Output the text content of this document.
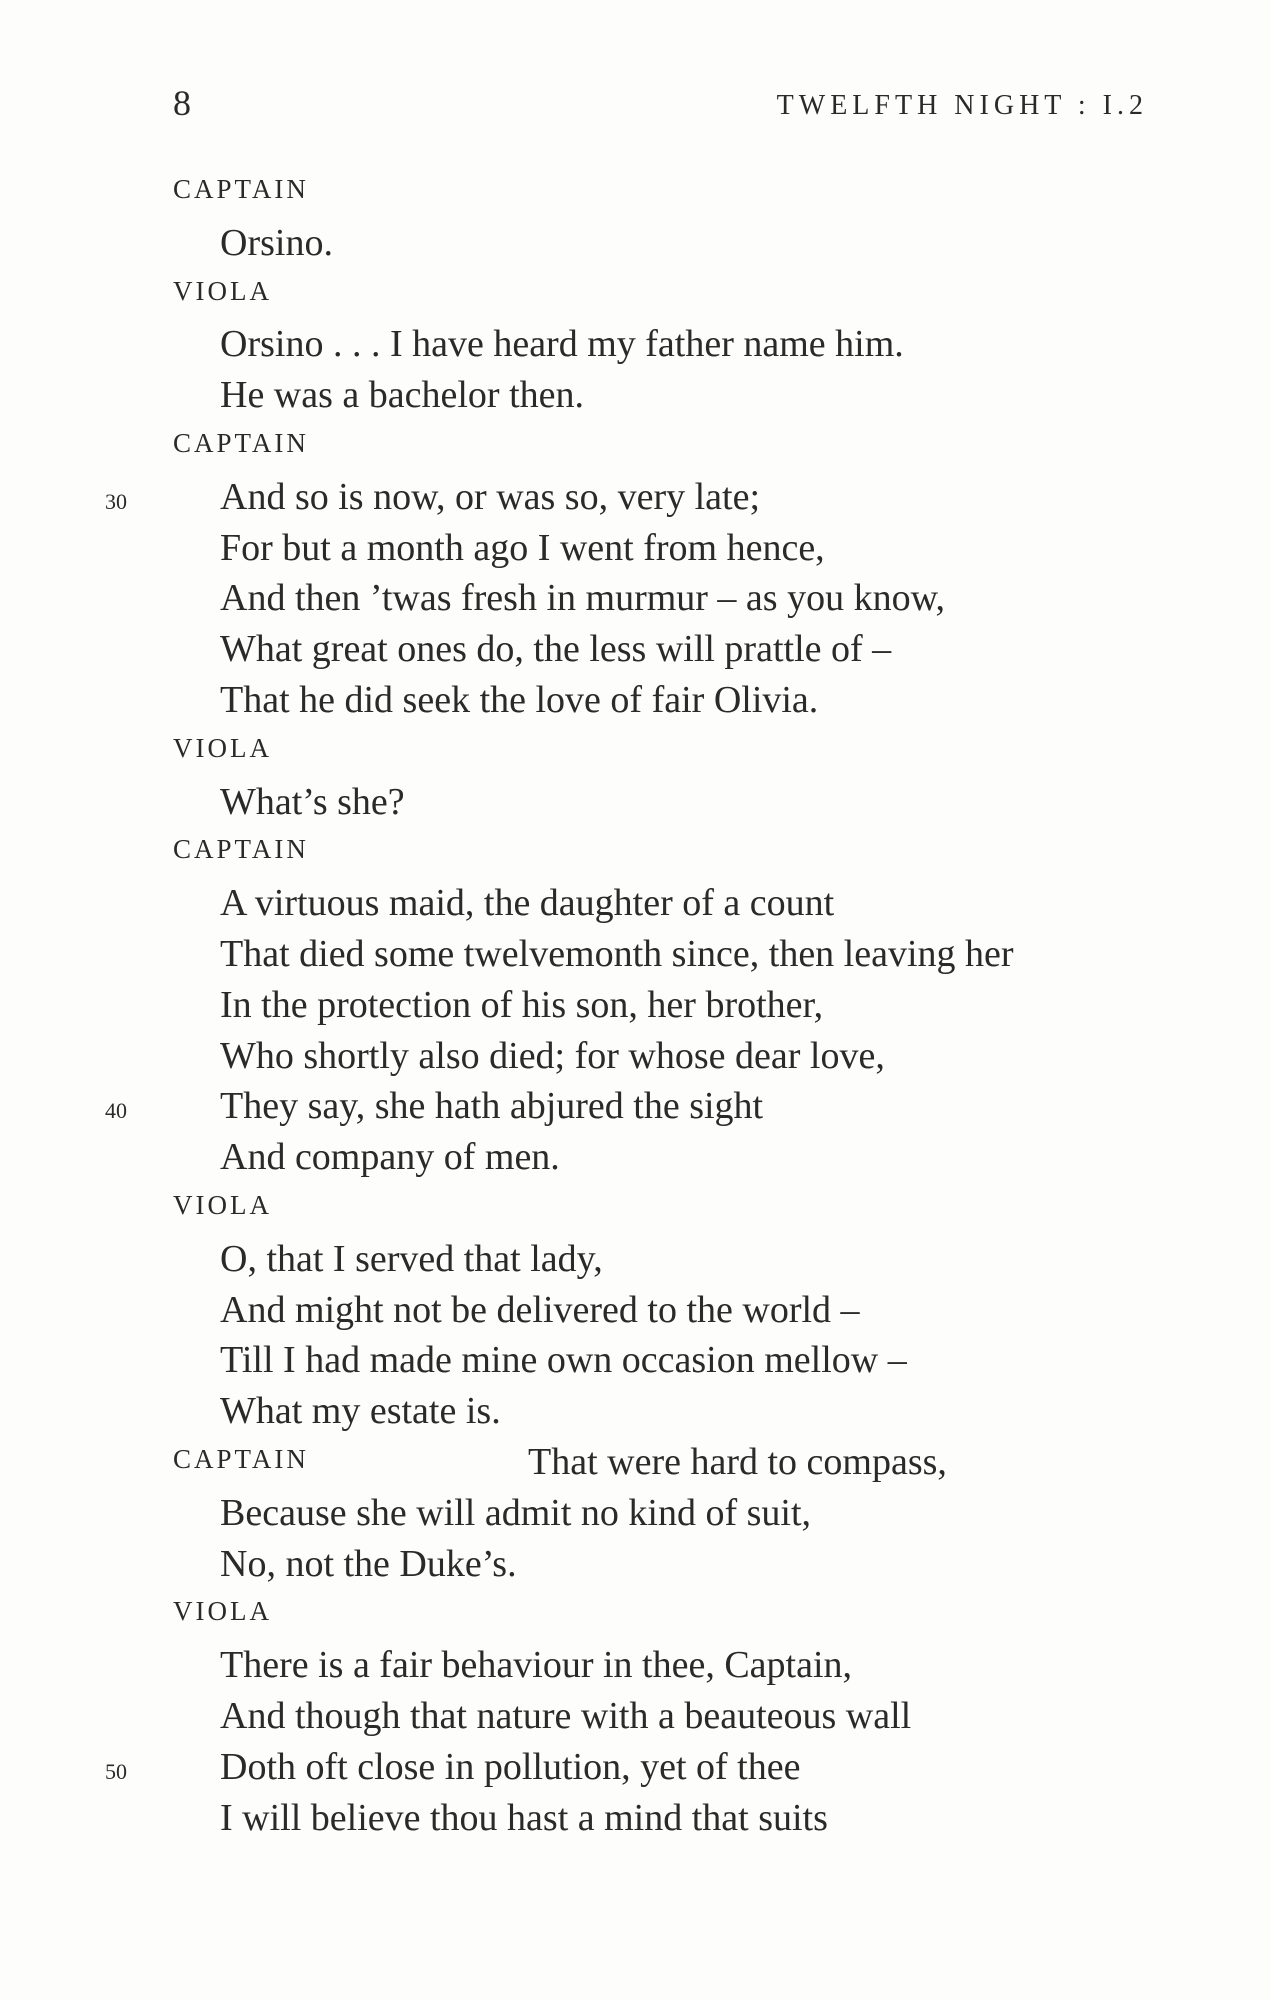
8	TWELFTH NIGHT : I.2
CAPTAIN
Orsino.
VIOLA
Orsino . . . I have heard my father name him.
He was a bachelor then.
CAPTAIN
30 And so is now, or was so, very late;
For but a month ago I went from hence,
And then ’twas fresh in murmur – as you know,
What great ones do, the less will prattle of –
That he did seek the love of fair Olivia.
VIOLA
What’s she?
CAPTAIN
A virtuous maid, the daughter of a count
That died some twelvemonth since, then leaving her
In the protection of his son, her brother,
Who shortly also died; for whose dear love,
40 They say, she hath abjured the sight
And company of men.
VIOLA
O, that I served that lady,
And might not be delivered to the world –
Till I had made mine own occasion mellow –
What my estate is.
CAPTAIN	That were hard to compass,
Because she will admit no kind of suit,
No, not the Duke’s.
VIOLA
There is a fair behaviour in thee, Captain,
And though that nature with a beauteous wall
50 Doth oft close in pollution, yet of thee
I will believe thou hast a mind that suits
